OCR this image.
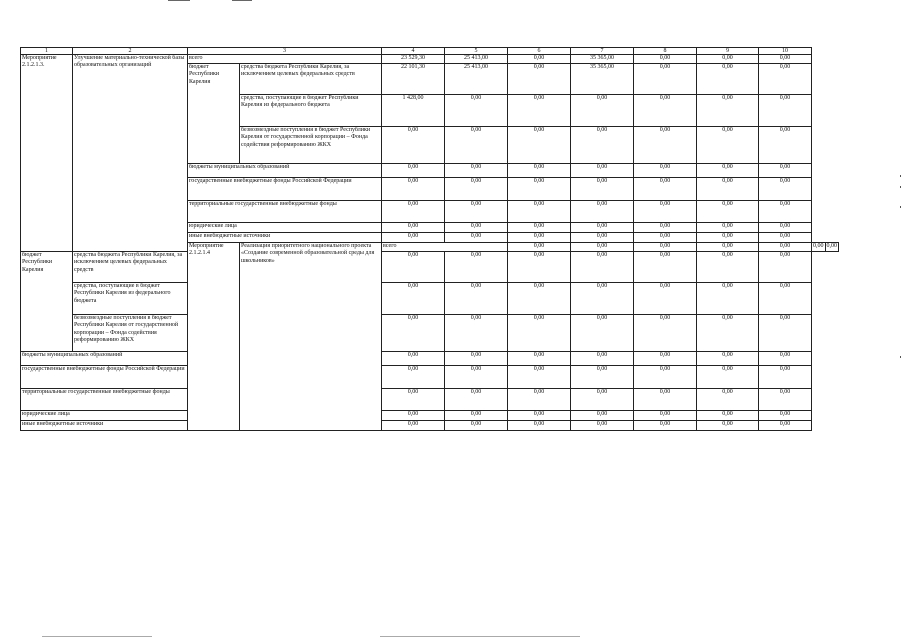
1	2	3		4	5	6	7	8	9	10		
Мероприятие 2.1.2.1.3.	Улучшение материально-технической базы образовательных организаций	всего		23 529,30	25 413,00	0,00	35 365,00	0,00	0,00	0,00		
		бюджет Республики Карелия	средства бюджета Республики Карелия, за исключением целевых федеральных средств	22 101,30	25 413,00	0,00	35 365,00	0,00	0,00	0,00		
			средства, поступающие в бюджет Республики Карелия из федерального бюджета	1 428,00	0,00	0,00	0,00	0,00	0,00	0,00		
			безвозмездные поступления в бюджет Республики Карелия от государственной корпорации – Фонда содействия реформированию ЖКХ	0,00	0,00	0,00	0,00	0,00	0,00	0,00		
		бюджеты муниципальных образований		0,00	0,00	0,00	0,00	0,00	0,00	0,00		
		государственные внебюджетные фонды Российской Федерации		0,00	0,00	0,00	0,00	0,00	0,00	0,00		
		территориальные государственные внебюджетные фонды		0,00	0,00	0,00	0,00	0,00	0,00	0,00		
		юридические лица		0,00	0,00	0,00	0,00	0,00	0,00	0,00		
		иные внебюджетные источники		0,00	0,00	0,00	0,00	0,00	0,00	0,00		
		Мероприятие 2.1.2.1.4	Реализация приоритетного национального проекта «Создание современной образовательной среды для школьников»	всего		0,00	0,00	0,00	0,00	0,00	0,00	0,00
бюджет Республики Карелия	средства бюджета Республики Карелия, за исключением целевых федеральных средств			0,00	0,00	0,00	0,00	0,00	0,00	0,00		
	средства, поступающие в бюджет Республики Карелия из федерального бюджета			0,00	0,00	0,00	0,00	0,00	0,00	0,00		
	безвозмездные поступления в бюджет Республики Карелия от государственной корпорации – Фонда содействия реформированию ЖКХ			0,00	0,00	0,00	0,00	0,00	0,00	0,00		
бюджеты муниципальных образований				0,00	0,00	0,00	0,00	0,00	0,00	0,00		
государственные внебюджетные фонды Российской Федерации				0,00	0,00	0,00	0,00	0,00	0,00	0,00		
территориальные государственные внебюджетные фонды				0,00	0,00	0,00	0,00	0,00	0,00	0,00		
юридические лица				0,00	0,00	0,00	0,00	0,00	0,00	0,00		
иные внебюджетные источники				0,00	0,00	0,00	0,00	0,00	0,00	0,00		
